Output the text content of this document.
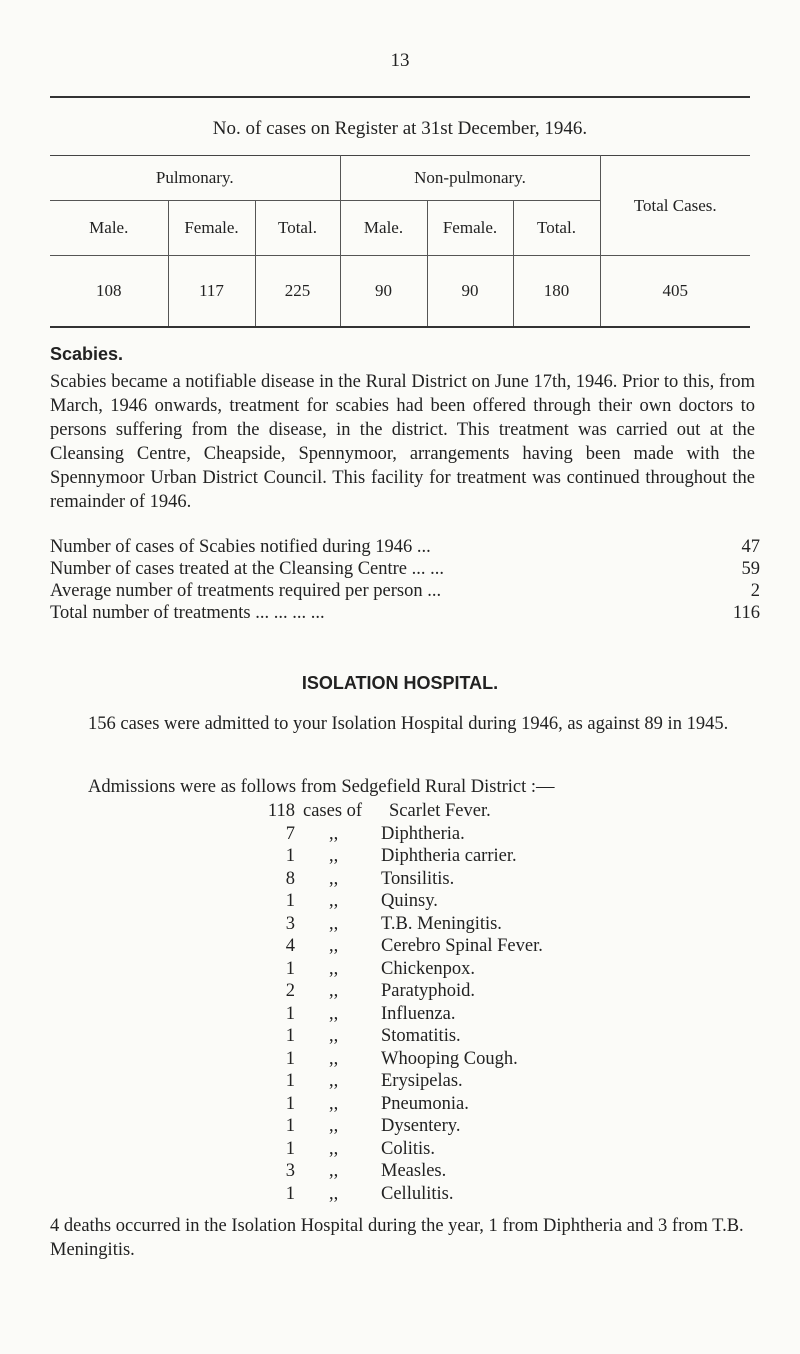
13
No. of cases on Register at 31st December, 1946.
Pulmonary.			Non-pulmonary.			Total Cases.
Male.	Female.	Total.	Male.	Female.	Total.	
108	117	225	90	90	180	405
Scabies.
Scabies became a notifiable disease in the Rural District on June 17th, 1946. Prior to this, from March, 1946 onwards, treatment for scabies had been offered through their own doctors to persons suffering from the disease, in the district. This treatment was carried out at the Cleansing Centre, Cheapside, Spennymoor, arrangements having been made with the Spennymoor Urban District Council. This facility for treatment was continued throughout the remainder of 1946.
Number of cases of Scabies notified during 1946 ...	47
Number of cases treated at the Cleansing Centre ... ...	59
Average number of treatments required per person ...	2
Total number of treatments ... ... ... ...	116
ISOLATION HOSPITAL.
156 cases were admitted to your Isolation Hospital during 1946, as against 89 in 1945.
Admissions were as follows from Sedgefield Rural District :—
118 cases of	Scarlet Fever.
7	,,	Diphtheria.
1	,,	Diphtheria carrier.
8	,,	Tonsilitis.
1	,,	Quinsy.
3	,,	T.B. Meningitis.
4	,,	Cerebro Spinal Fever.
1	,,	Chickenpox.
2	,,	Paratyphoid.
1	,,	Influenza.
1	,,	Stomatitis.
1	,,	Whooping Cough.
1	,,	Erysipelas.
1	,,	Pneumonia.
1	,,	Dysentery.
1	,,	Colitis.
3	,,	Measles.
1	,,	Cellulitis.
4 deaths occurred in the Isolation Hospital during the year, 1 from Diphtheria and 3 from T.B. Meningitis.
